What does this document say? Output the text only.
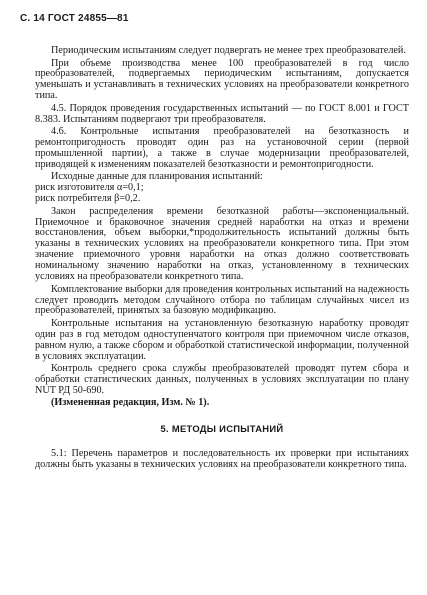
С. 14 ГОСТ 24855—81

Периодическим испытаниям следует подвергать не менее трех преобразователей.

При объеме производства менее 100 преобразователей в год число преобразователей, подвергаемых периодическим испытаниям, допускается уменьшать и устанавливать в технических условиях на преобразователи конкретного типа.

4.5. Порядок проведения государственных испытаний — по ГОСТ 8.001 и ГОСТ 8.383. Испытаниям подвергают три преобразователя.

4.6. Контрольные испытания преобразователей на безотказность и ремонтопригодность проводят один раз на установочной серии (первой промышленной партии), а также в случае модернизации преобразователей, приводящей к изменениям показателей безотказности и ремонтопригодности.

Исходные данные для планирования испытаний:

риск изготовителя α=0,1;

риск потребителя β=0,2.

Закон распределения времени безотказной работы—экспоненциальный. Приемочное и браковочное значения средней наработки на отказ и времени восстановления, объем выборки,*продолжительность испытаний должны быть указаны в технических условиях на преобразователи конкретного типа. При этом значение приемочного уровня наработки на отказ должно соответствовать номинальному значению наработки на отказ, установленному в технических условиях на преобразователи конкретного типа.

Комплектование выборки для проведения контрольных испытаний на надежность следует проводить методом случайного отбора по таблицам случайных чисел из преобразователей, принятых за базовую модификацию.

Контрольные испытания на установленную безотказную наработку проводят один раз в год методом одноступенчатого контроля при приемочном числе отказов, равном нулю, а также сбором и обработкой статистической информации, полученной в условиях эксплуатации.

Контроль среднего срока службы преобразователей проводят путем сбора и обработки статистических данных, полученных в условиях эксплуатации по плану NUT РД 50-690.

(Измененная редакция, Изм. № 1).

5. МЕТОДЫ ИСПЫТАНИЙ

5.1: Перечень параметров и последовательность их проверки при испытаниях должны быть указаны в технических условиях на преобразователи конкретного типа.
